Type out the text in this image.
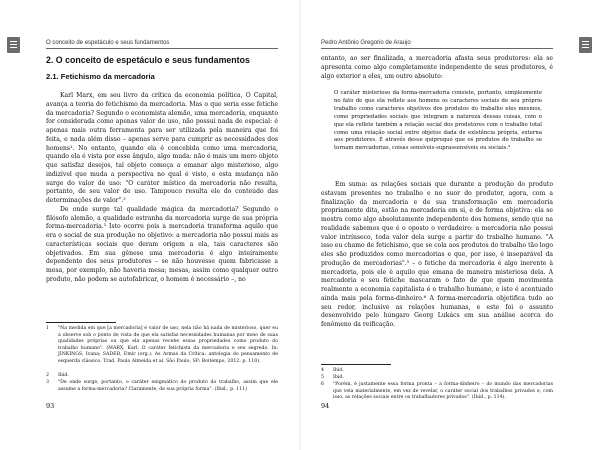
O conceito de espetáculo e seus fundamentos
2. O conceito de espetáculo e seus fundamentos
2.1. Fetichismo da mercadoria

Karl Marx, em seu livro da crítica da economia política, O Capital, avança a teoria do fetichismo da mercadoria. Mas o que seria esse fetiche da mercadoria? Segundo o economista alemão, uma mercadoria, enquanto for considerada como apenas valor de uso, não possui nada de especial: é apenas mais outra ferramenta para ser utilizada pela maneira que foi feita, e nada além disso – apenas serve para cumprir as necessidades dos homens¹. No entanto, quando ela é concebida como uma mercadoria, quando ela é vista por esse ângulo, algo muda: não é mais um mero objeto que satisfaz desejos, tal objeto começa a emanar algo misterioso, algo indizível que muda a perspectiva no qual é visto, e esta mudança não surge do valor de uso: "O caráter místico da mercadoria não resulta, portanto, de seu valor de uso. Tampouco resulta ele do conteúdo das determinações de valor".²

De onde surge tal qualidade mágica da mercadoria? Segundo o filósofo alemão, a qualidade estranha da mercadoria surge de sua própria forma-mercadoria.³ Isto ocorre pois a mercadoria transforma aquilo que era o social de sua produção no objetivo: a mercadoria não possui mais as características sociais que deram origem a ela, tais caracteres são objetivados. Em sua gênese uma mercadoria é algo inteiramente dependente dos seus produtores – se não houvesse quem fabricasse a mesa, por exemplo, não haveria mesa; mesas, assim como qualquer outro produto, não podem se autofabricar, o homem é necessário –, no

1 "Na medida em que [a mercadoria] é valor de uso, nela não há nada de misterioso, quer eu a observe sob o ponto de vista de que ela satisfaz necessidades humanas por meio de suas qualidades próprias ou que ela apenas recebe essas propriedades como produto do trabalho humano". (MARX, Karl. O caráter fetichista da mercadoria e seu segredo. In: JINKINGS, Ivana; SADER, Emir (org.). As Armas da Crítica: antologia do pensamento de esquerda clássico. Trad. Paulo Almeida et al. São Paulo, SP: Boitempo, 2012. p. 110).
2 Ibid.
3 "De onde surge, portanto, o caráter enigmático do produto do trabalho, assim que ele assume a forma-mercadoria? Claramente, de sua própria forma". (Ibid., p. 111)
93
Pedro Antônio Gregorio de Araujo

entanto, ao ser finalizada, a mercadoria afasta seus produtores: ela se apresenta como algo completamente independente de seus produtores, é algo exterior a eles, um outro absoluto:

O caráter misterioso da forma-mercadoria consiste, portanto, simplesmente no fato de que ela reflete aos homens os caracteres sociais de seu próprio trabalho como caracteres objetivos dos produtos do trabalho eles mesmos, como propriedades sociais que integram a natureza dessas coisas, com o que ela reflete também a relação social dos produtores com o trabalho total como uma relação social entre objetos dada de existência própria, externa aos produtores. É através desse quiproquó que os produtos do trabalho se tornam mercadorias, coisas sensíveis-suprassensíveis ou sociais.⁴

Em suma: as relações sociais que durante a produção do produto estavam presentes no trabalho e no suor do produtor, agora, com a finalização da mercadoria e de sua transformação em mercadoria propriamente dita, estão na mercadoria em si, e de forma objetiva: ela se mostra como algo absolutamente independente dos homens, sendo que na realidade sabemos que é o oposto o verdadeiro: a mercadoria não possui valor intrínseco, toda valor dela surge a partir do trabalho humano. "A isso eu chamo de fetichismo, que se cola aos produtos do trabalho tão logo eles são produzidos como mercadorias e que, por isso, é inseparável da produção de mercadorias".⁵ – o fetiche da mercadoria é algo inerente à mercadoria, pois ele é aquilo que emana de maneira misteriosa dela. A mercadoria e seu fetiche mascaram o fato de que quem movimenta realmente a economia capitalista é o trabalho humano, e isto é acentuado ainda mais pela forma-dinheiro.⁶ A forma-mercadoria objetifica tudo ao seu redor, inclusive as relações humanas, e este foi o assunto desenvolvido pelo húngaro Georg Lukács em sua análise acerca do fenômeno da reificação.

4 Ibid.
5 Ibid.
6 "Porém, é justamente essa forma pronta – a forma-dinheiro – do mundo das mercadorias que vela materialmente, em vez de revelar, o caráter social dos trabalhos privados e, com isso, as relações sociais entre os trabalhadores privados". (Ibid., p. 114).
94
